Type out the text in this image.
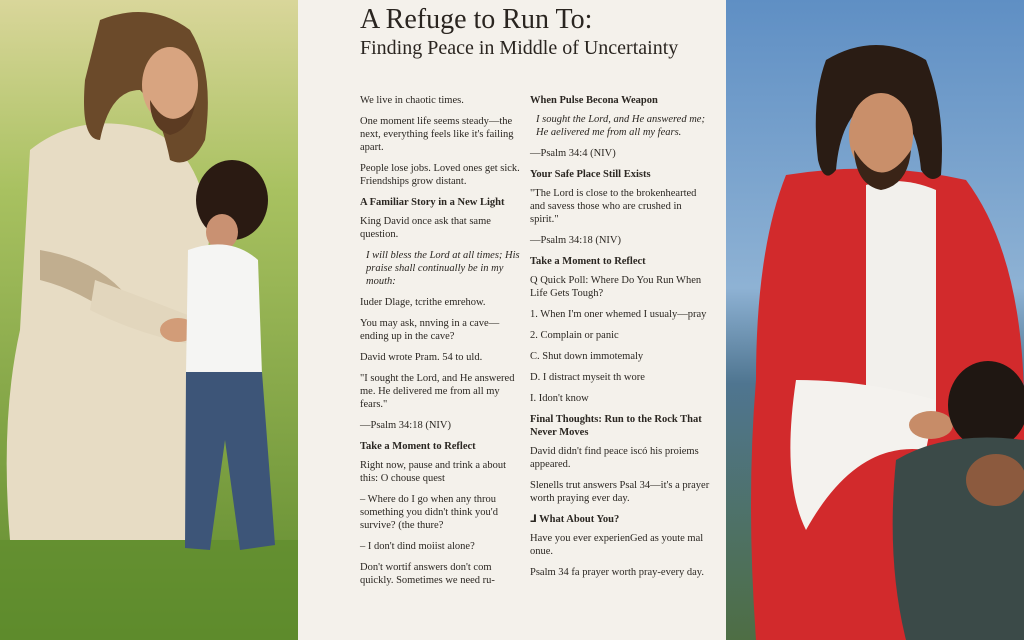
A Refuge to Run To:
Finding Peace in Middle of Uncertainty

We live in chaotic times.

One moment life seems steady—the next, everything feels like it's failing apart.

People lose jobs. Loved ones get sick. Friendships grow distant.

A Familiar Story in a New Light

King David once ask that same question.

I will bless the Lord at all times; His praise shall continually be in my mouth:

Iuder Dlage, tcrithe emrehow.

You may ask, nnving in a cave—ending up in the cave?

David wrote Pram. 54 to uld.

"I sought the Lord, and He answered me. He delivered me from all my fears."

—Psalm 34:18 (NIV)

Take a Moment to Reflect

Right now, pause and trink a about this: O chouse quest

– Where do I go when any throu something you didn't think you'd survive? (the thure?

– I don't dind moiist alone?

Don't wortif answers don't com quickly. Sometimes we need ru-

When Pulse Becona Weapon

I sought the Lord, and He answered me; He aelivered me from all my fears.

—Psalm 34:4 (NIV)

Your Safe Place Still Exists

"The Lord is close to the brokenhearted and savess those who are crushed in spirit."

—Psalm 34:18 (NIV)

Take a Moment to Reflect

Q Quick Poll: Where Do You Run When Life Gets Tough?

1. When I'm oner whemed I usualy—pray

2. Complain or panic

C. Shut down immotemaly

D. I distract myseit th wore

I. Idon't know

Final Thoughts: Run to the Rock That Never Moves

David didn't find peace iscó his proiems appeared.

Slenells trut answers Psal 34—it's a prayer worth praying ever day.

⅃ What About You?

Have you ever experienGed as youte mal onue.

Psalm 34 fa prayer worth pray-every day.
